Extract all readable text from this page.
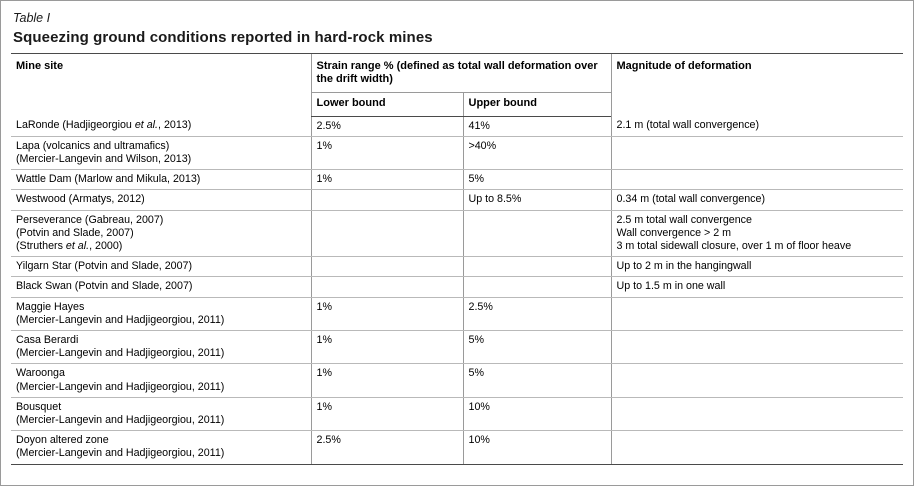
Table I
Squeezing ground conditions reported in hard-rock mines
Mine site	Strain range % (defined as total wall deformation over the drift width)		Magnitude of deformation
	Lower bound	Upper bound	

LaRonde (Hadjigeorgiou et al., 2013)	2.5%	41%	2.1 m (total wall convergence)

Lapa (volcanics and ultramafics)
(Mercier-Langevin and Wilson, 2013)	1%	>40%	

Wattle Dam (Marlow and Mikula, 2013)	1%	5%	

Westwood (Armatys, 2012)		Up to 8.5%	0.34 m (total wall convergence)

Perseverance (Gabreau, 2007)
(Potvin and Slade, 2007)
(Struthers et al., 2000)			2.5 m total wall convergence
Wall convergence > 2 m
3 m total sidewall closure, over 1 m of floor heave

Yilgarn Star (Potvin and Slade, 2007)			Up to 2 m in the hangingwall

Black Swan (Potvin and Slade, 2007)			Up to 1.5 m in one wall

Maggie Hayes
(Mercier-Langevin and Hadjigeorgiou, 2011)	1%	2.5%	

Casa Berardi
(Mercier-Langevin and Hadjigeorgiou, 2011)	1%	5%	

Waroonga
(Mercier-Langevin and Hadjigeorgiou, 2011)	1%	5%	

Bousquet
(Mercier-Langevin and Hadjigeorgiou, 2011)	1%	10%	

Doyon altered zone
(Mercier-Langevin and Hadjigeorgiou, 2011)	2.5%	10%	
